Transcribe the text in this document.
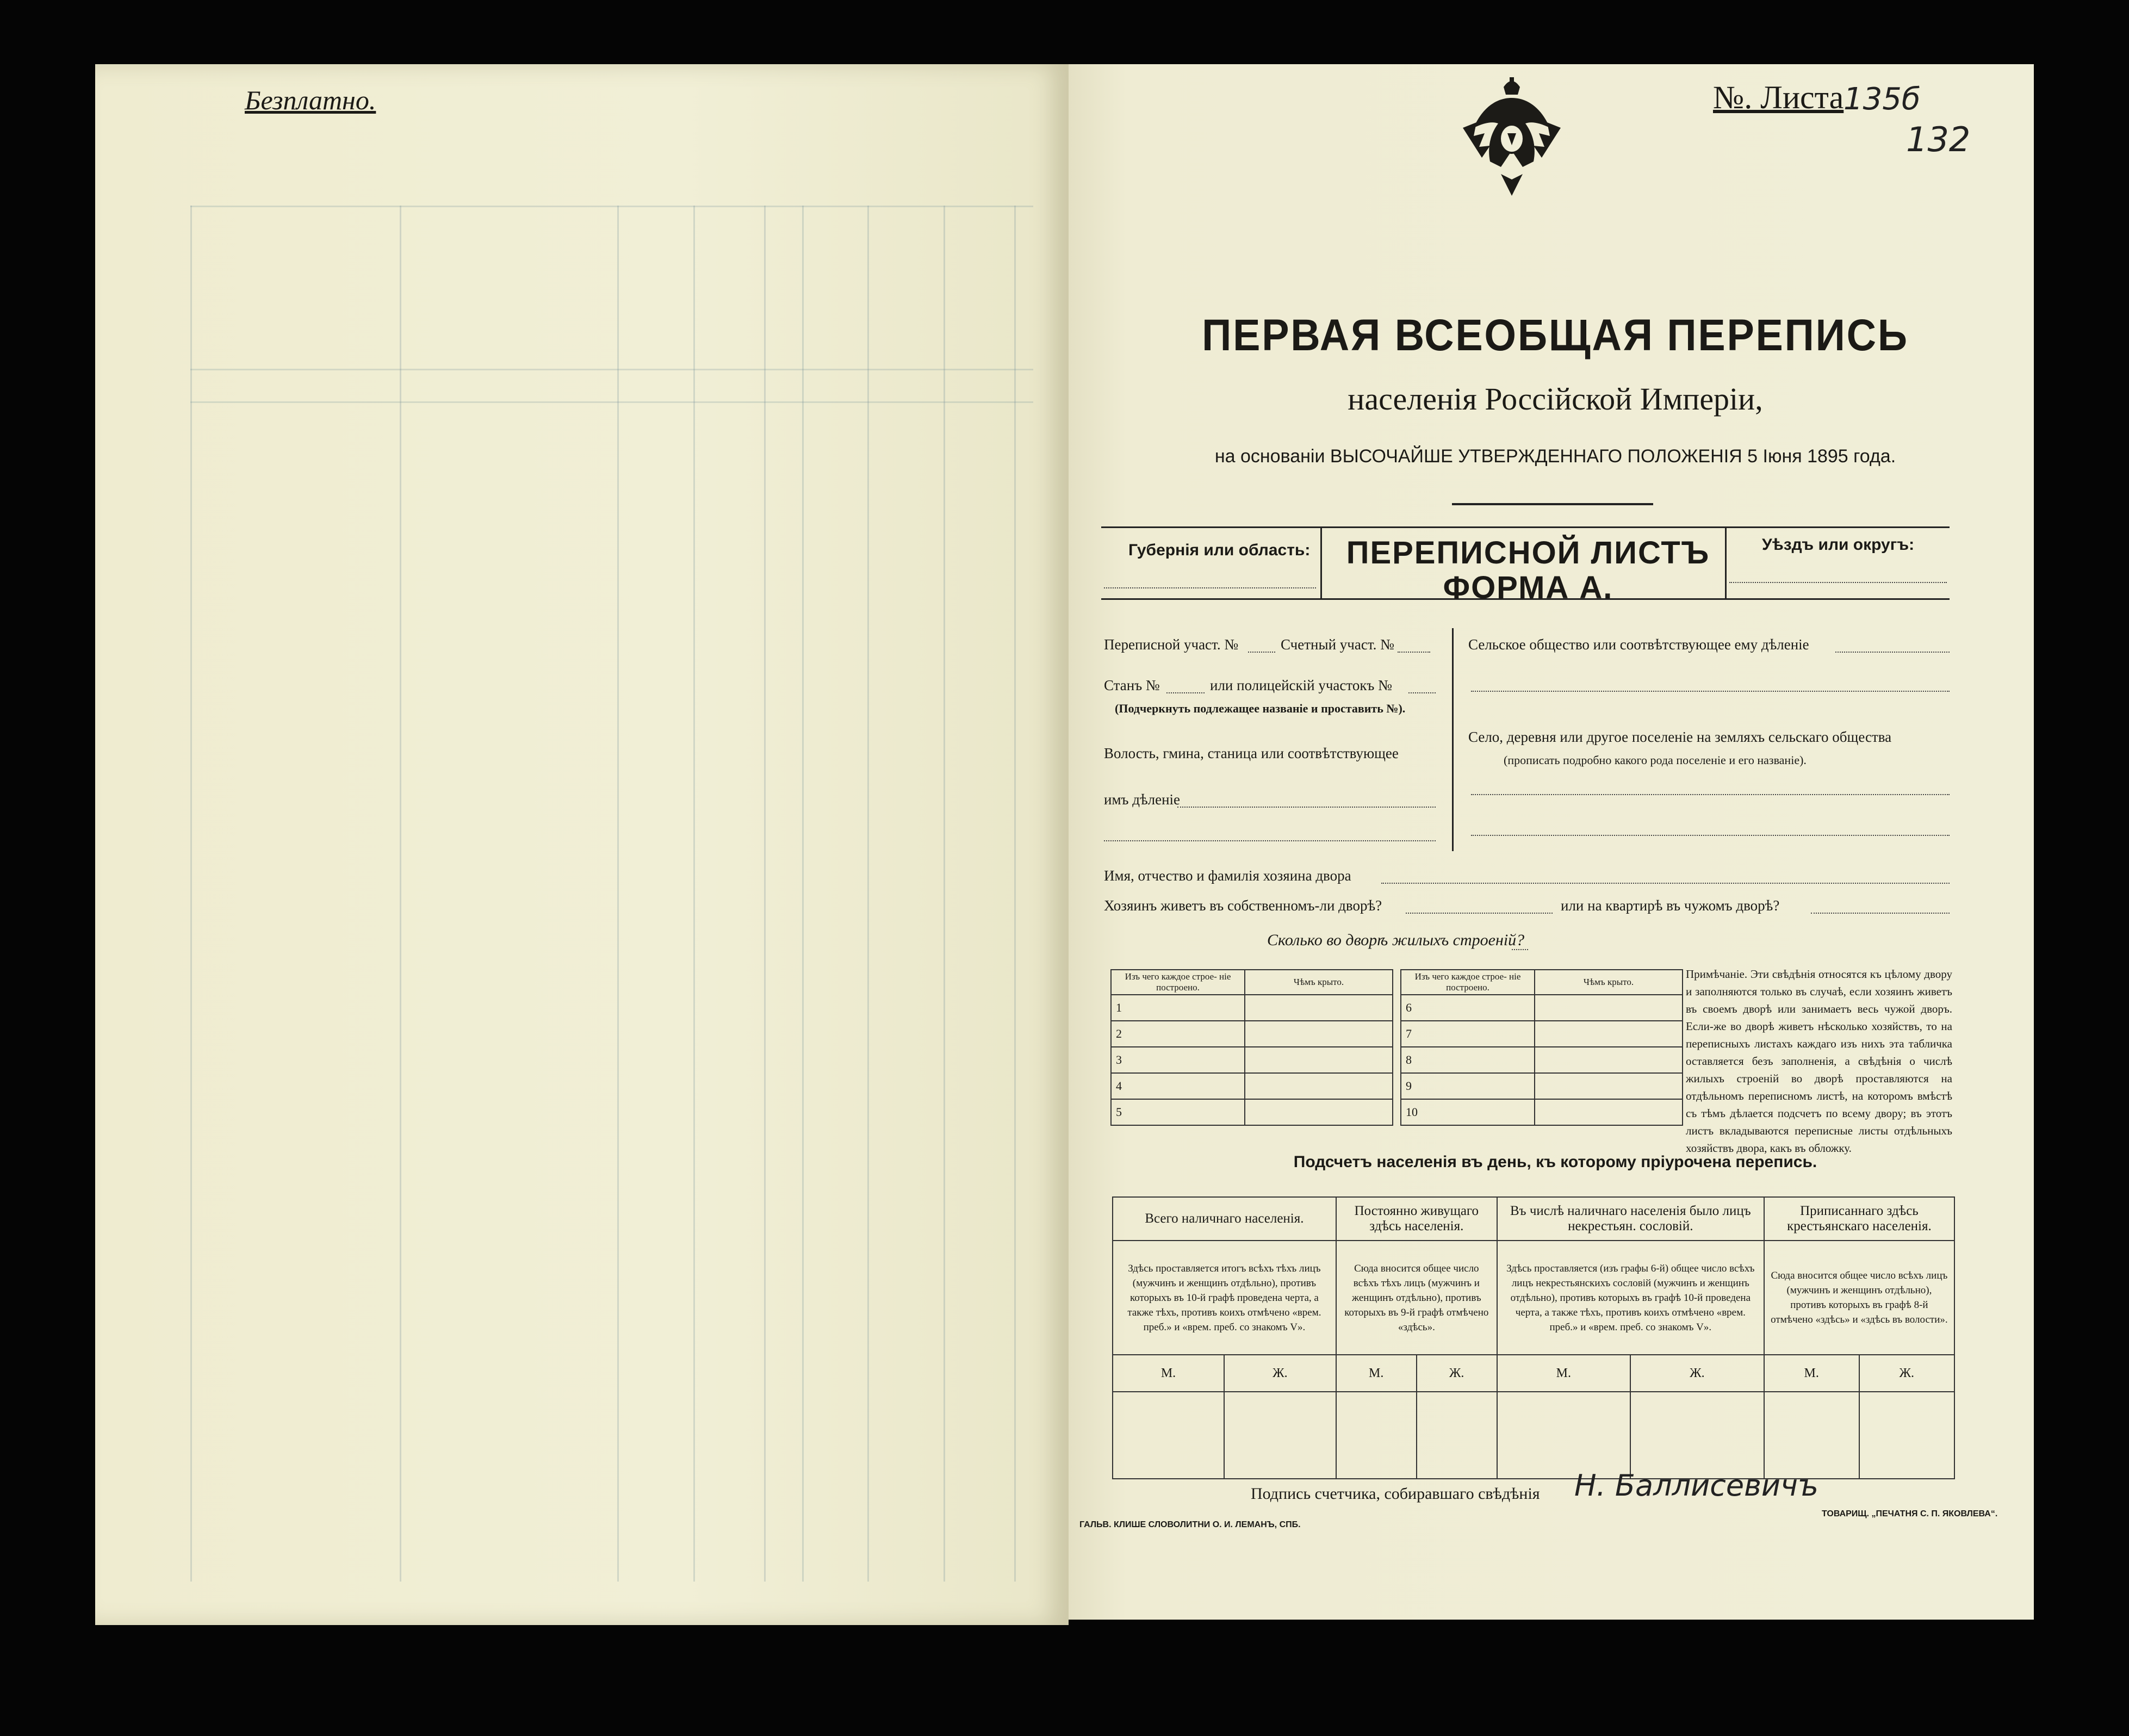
Безплатно.	№. Листа 135б
132
ПЕРВАЯ ВСЕОБЩАЯ ПЕРЕПИСЬ
населенія Россійской Имперіи,
на основаніи ВЫСОЧАЙШЕ УТВЕРЖДЕННАГО ПОЛОЖЕНІЯ 5 Іюня 1895 года.
Губернія или область:	ПЕРЕПИСНОЙ ЛИСТЪ
ФОРМА А.
Уѣздъ или округъ:
Переписной участ. №	Счетный участ. №
Станъ №	или полицейскій участокъ №
(Подчеркнуть подлежащее названіе и проставить №).
Волость, гмина, станица или соотвѣтствующее
имъ дѣленіе
Сельское общество или соотвѣтствующее ему дѣленіе
Село, деревня или другое поселеніе на земляхъ сельскаго общества
(прописать подробно какого рода поселеніе и его названіе).
Имя, отчество и фамилія хозяина двора
Хозяинъ живетъ въ собственномъ-ли дворѣ?	или на квартирѣ въ чужомъ дворѣ?
Сколько во дворѣ жилыхъ строеній?
Изъ чего каждое строе- ніе построено.	Чѣмъ крыто.
1	
2	
3	
4	
5	
Изъ чего каждое строе- ніе построено.	Чѣмъ крыто.
6	
7	
8	
9	
10	
Примѣчаніе. Эти свѣдѣнія относятся къ цѣлому двору и заполняются только въ случаѣ, если хозяинъ живетъ въ своемъ дворѣ или занимаетъ весь чужой дворъ. Если-же во дворѣ живетъ нѣсколько хозяйствъ, то на переписныхъ листахъ каждаго изъ нихъ эта табличка оставляется безъ заполненія, а свѣдѣнія о числѣ жилыхъ строеній во дворѣ проставляются на отдѣльномъ переписномъ листѣ, на которомъ вмѣстѣ съ тѣмъ дѣлается подсчетъ по всему двору; въ этотъ листъ вкладываются переписные листы отдѣльныхъ хозяйствъ двора, какъ въ обложку.
Подсчетъ населенія въ день, къ которому пріурочена перепись.
Всего наличнаго населенія.		Постоянно живущаго здѣсь населенія.		Въ числѣ наличнаго населенія было лицъ некрестьян. сословій.		Приписаннаго здѣсь крестьянскаго населенія.	
Здѣсь проставляется итогъ всѣхъ тѣхъ лицъ (мужчинъ и женщинъ отдѣльно), противъ которыхъ въ 10-й графѣ проведена черта, а также тѣхъ, противъ коихъ отмѣчено «врем. преб.» и «врем. преб. со знакомъ V».		Сюда вносится общее число всѣхъ тѣхъ лицъ (мужчинъ и женщинъ отдѣльно), противъ которыхъ въ 9-й графѣ отмѣчено «здѣсь».		Здѣсь проставляется (изъ графы 6-й) общее число всѣхъ лицъ некрестьянскихъ сословій (мужчинъ и женщинъ отдѣльно), противъ которыхъ въ графѣ 10-й проведена черта, а также тѣхъ, противъ коихъ отмѣчено «врем. преб.» и «врем. преб. со знакомъ V».		Сюда вносится общее число всѣхъ лицъ (мужчинъ и женщинъ отдѣльно), противъ которыхъ въ графѣ 8-й отмѣчено «здѣсь» и «здѣсь въ волости».	
М.	Ж.	М.	Ж.	М.	Ж.	М.	Ж.

Подпись счетчика, собиравшаго свѣдѣнія Н. Баллисевичъ
ГАЛЬВ. КЛИШЕ СЛОВОЛИТНИ О. И. ЛЕМАНЪ, СПБ.
ТОВАРИЩ. „ПЕЧАТНЯ С. П. ЯКОВЛЕВА“.
